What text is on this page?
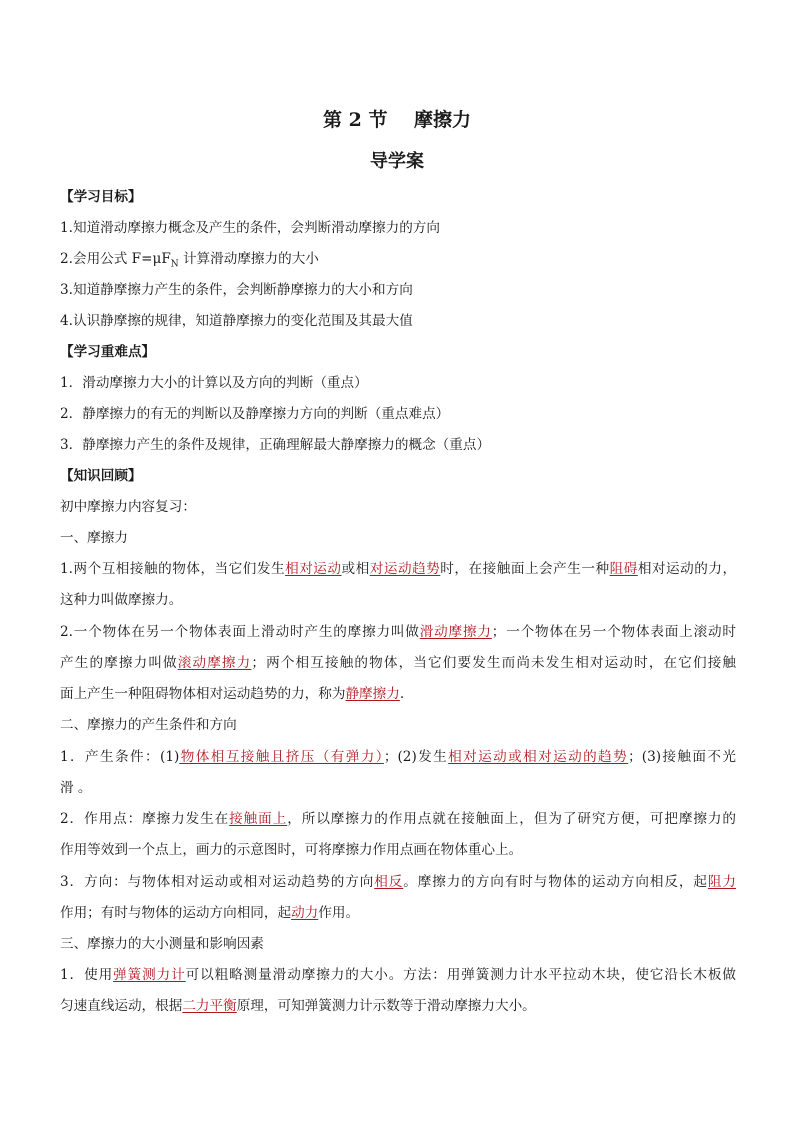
第 2 节    摩擦力
导学案
【学习目标】
1.知道滑动摩擦力概念及产生的条件，会判断滑动摩擦力的方向
2.会用公式 $F=\mu F_N$ 计算滑动摩擦力的大小
3.知道静摩擦力产生的条件，会判断静摩擦力的大小和方向
4.认识静摩擦的规律，知道静摩擦力的变化范围及其最大值
【学习重难点】
1．滑动摩擦力大小的计算以及方向的判断（重点）
2．静摩擦力的有无的判断以及静摩擦力方向的判断（重点难点）
3．静摩擦力产生的条件及规律，正确理解最大静摩擦力的概念（重点）
【知识回顾】
初中摩擦力内容复习：
一、摩擦力
1.两个互相接触的物体，当它们发生相对运动或相对运动趋势时，在接触面上会产生一种阻碍相对运动的力，
这种力叫做摩擦力。
2.一个物体在另一个物体表面上滑动时产生的摩擦力叫做滑动摩擦力；一个物体在另一个物体表面上滚动时
产生的摩擦力叫做滚动摩擦力；两个相互接触的物体，当它们要发生而尚未发生相对运动时，在它们接触
面上产生一种阻碍物体相对运动趋势的力，称为静摩擦力.
二、摩擦力的产生条件和方向
1．产生条件：(1)物体相互接触且挤压（有弹力）；(2)发生相对运动或相对运动的趋势；(3)接触面不光
滑 。
2．作用点：摩擦力发生在接触面上，所以摩擦力的作用点就在接触面上，但为了研究方便，可把摩擦力的
作用等效到一个点上，画力的示意图时，可将摩擦力作用点画在物体重心上。
3．方向：与物体相对运动或相对运动趋势的方向相反。摩擦力的方向有时与物体的运动方向相反，起阻力
作用；有时与物体的运动方向相同，起动力作用。
三、摩擦力的大小测量和影响因素
1．使用弹簧测力计可以粗略测量滑动摩擦力的大小。方法：用弹簧测力计水平拉动木块，使它沿长木板做
匀速直线运动，根据二力平衡原理，可知弹簧测力计示数等于滑动摩擦力大小。
